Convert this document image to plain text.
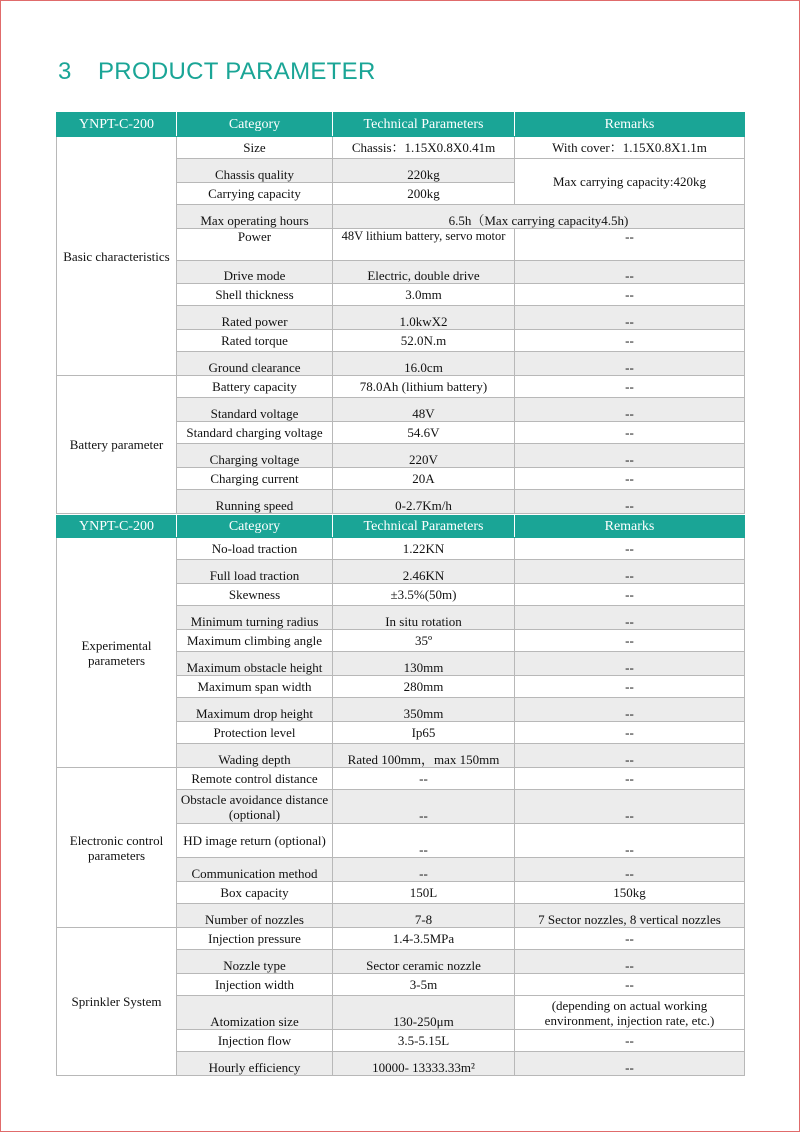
3 PRODUCT PARAMETER
YNPT-C-200	Category	Technical Parameters	Remarks
Basic characteristics	Size	Chassis：1.15X0.8X0.41m	With cover：1.15X0.8X1.1m
	Chassis quality	220kg	Max carrying capacity:420kg
	Carrying capacity	200kg	
	Max operating hours	6.5h（Max carrying capacity4.5h)	
	Power	48V lithium battery, servo motor	--
	Drive mode	Electric, double drive	--
	Shell thickness	3.0mm	--
	Rated power	1.0kwX2	--
	Rated torque	52.0N.m	--
	Ground clearance	16.0cm	--
Battery parameter	Battery capacity	78.0Ah (lithium battery)	--
	Standard voltage	48V	--
	Standard charging voltage	54.6V	--
	Charging voltage	220V	--
	Charging current	20A	--
	Running speed	0-2.7Km/h	--
YNPT-C-200	Category	Technical Parameters	Remarks
Experimental parameters	No-load traction	1.22KN	--
	Full load traction	2.46KN	--
	Skewness	±3.5%(50m)	--
	Minimum turning radius	In situ rotation	--
	Maximum climbing angle	35º	--
	Maximum obstacle height	130mm	--
	Maximum span width	280mm	--
	Maximum drop height	350mm	--
	Protection level	Ip65	--
	Wading depth	Rated 100mm，max 150mm	--
Electronic control parameters	Remote control distance	--	--
	Obstacle avoidance distance (optional)	--	--
	HD image return (optional)	--	--
	Communication method	--	--
	Box capacity	150L	150kg
	Number of nozzles	7-8	7 Sector nozzles, 8 vertical nozzles
Sprinkler System	Injection pressure	1.4-3.5MPa	--
	Nozzle type	Sector ceramic nozzle	--
	Injection width	3-5m	--
	Atomization size	130-250μm	(depending on actual working environment, injection rate, etc.)
	Injection flow	3.5-5.15L	--
	Hourly efficiency	10000- 13333.33m²	--
